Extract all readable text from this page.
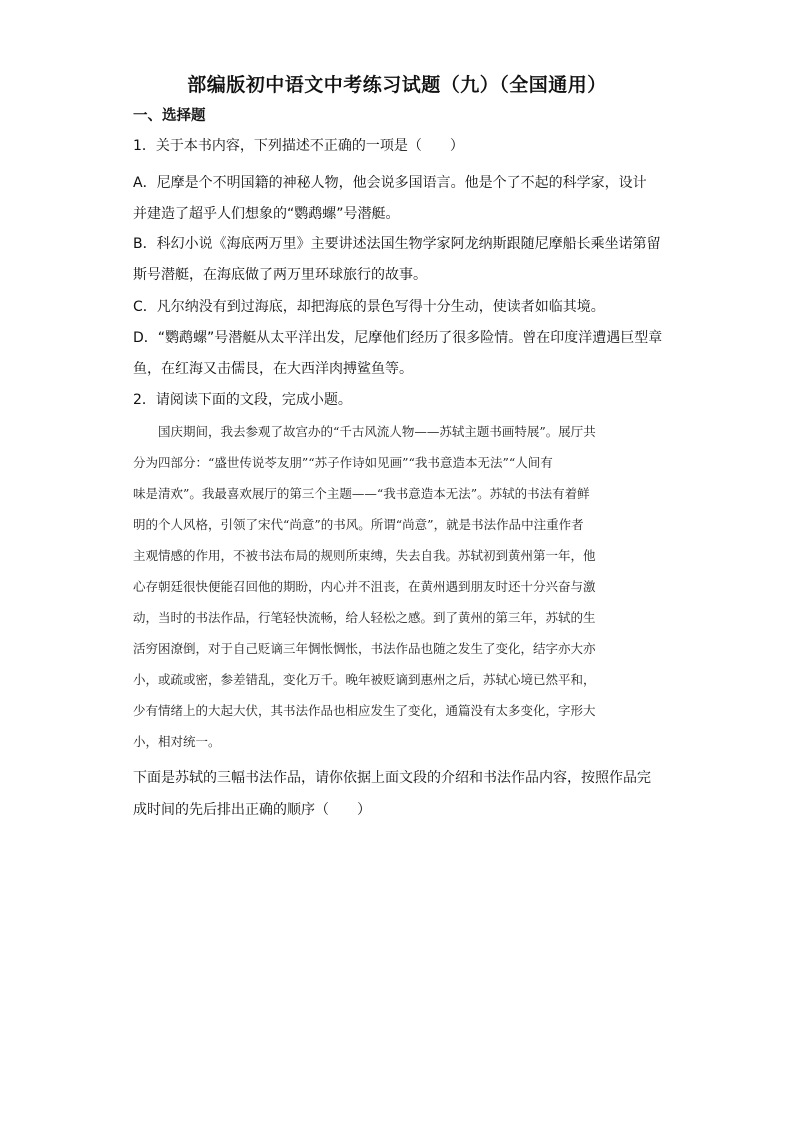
部编版初中语文中考练习试题（九）（全国通用）
一、选择题
1．关于本书内容，下列描述不正确的一项是（　　）
A．尼摩是个不明国籍的神秘人物，他会说多国语言。他是个了不起的科学家，设计
并建造了超乎人们想象的“鹦鹉螺”号潜艇。
B．科幻小说《海底两万里》主要讲述法国生物学家阿龙纳斯跟随尼摩船长乘坐诺第留
斯号潜艇，在海底做了两万里环球旅行的故事。
C．凡尔纳没有到过海底，却把海底的景色写得十分生动，使读者如临其境。
D．“鹦鹉螺”号潜艇从太平洋出发，尼摩他们经历了很多险情。曾在印度洋遭遇巨型章
鱼，在红海又击儒艮，在大西洋肉搏鲨鱼等。
2．请阅读下面的文段，完成小题。
　　国庆期间，我去参观了故宫办的“千古风流人物——苏轼主题书画特展”。展厅共
分为四部分：“盛世传说苓友朋”“苏子作诗如见画”“我书意造本无法”“人间有
味是清欢”。我最喜欢展厅的第三个主题——“我书意造本无法”。苏轼的书法有着鲜
明的个人风格，引领了宋代“尚意”的书风。所谓“尚意”，就是书法作品中注重作者
主观情感的作用，不被书法布局的规则所束缚，失去自我。苏轼初到黄州第一年，他
心存朝廷很快便能召回他的期盼，内心并不沮丧，在黄州遇到朋友时还十分兴奋与激
动，当时的书法作品，行笔轻快流畅，给人轻松之感。到了黄州的第三年，苏轼的生
活穷困潦倒，对于自己贬谪三年惆怅惆怅，书法作品也随之发生了变化，结字亦大亦
小，或疏或密，参差错乱，变化万千。晚年被贬谪到惠州之后，苏轼心境已然平和，
少有情绪上的大起大伏，其书法作品也相应发生了变化，通篇没有太多变化，字形大
小，相对统一。
下面是苏轼的三幅书法作品，请你依据上面文段的介绍和书法作品内容，按照作品完
成时间的先后排出正确的顺序（　　）
